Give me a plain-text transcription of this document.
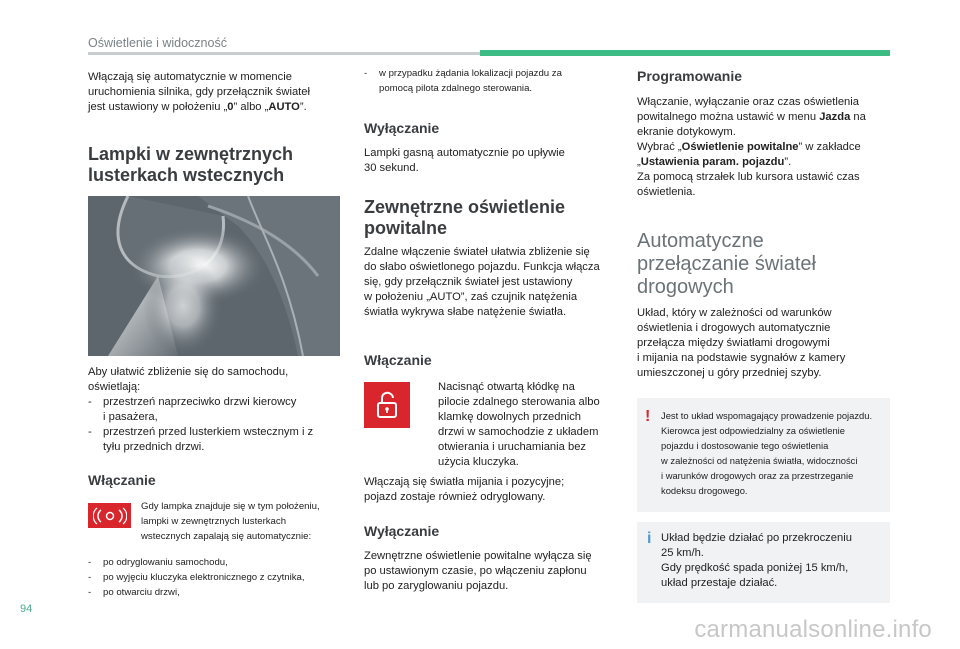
Oświetlenie i widoczność
Włączają się automatycznie w momencie
uruchomienia silnika, gdy przełącznik świateł
jest ustawiony w położeniu „0” albo „AUTO”.
Lampki w zewnętrznych
lusterkach wstecznych
Aby ułatwić zbliżenie się do samochodu,
oświetlają:
- przestrzeń naprzeciwko drzwi kierowcy
i pasażera,
- przestrzeń przed lusterkiem wstecznym i z
tyłu przednich drzwi.
Włączanie
Gdy lampka znajduje się w tym położeniu,
lampki w zewnętrznych lusterkach
wstecznych zapalają się automatycznie:
- po odryglowaniu samochodu,
- po wyjęciu kluczyka elektronicznego z czytnika,
- po otwarciu drzwi,
- w przypadku żądania lokalizacji pojazdu za
pomocą pilota zdalnego sterowania.
Wyłączanie
Lampki gasną automatycznie po upływie
30 sekund.
Zewnętrzne oświetlenie
powitalne
Zdalne włączenie świateł ułatwia zbliżenie się
do słabo oświetlonego pojazdu. Funkcja włącza
się, gdy przełącznik świateł jest ustawiony
w położeniu „AUTO”, zaś czujnik natężenia
światła wykrywa słabe natężenie światła.
Włączanie
Nacisnąć otwartą kłódkę na
pilocie zdalnego sterowania albo
klamkę dowolnych przednich
drzwi w samochodzie z układem
otwierania i uruchamiania bez
użycia kluczyka.
Włączają się światła mijania i pozycyjne;
pojazd zostaje również odryglowany.
Wyłączanie
Zewnętrzne oświetlenie powitalne wyłącza się
po ustawionym czasie, po włączeniu zapłonu
lub po zaryglowaniu pojazdu.
Programowanie
Włączanie, wyłączanie oraz czas oświetlenia
powitalnego można ustawić w menu Jazda na
ekranie dotykowym.
Wybrać „Oświetlenie powitalne” w zakładce
„Ustawienia param. pojazdu”.
Za pomocą strzałek lub kursora ustawić czas
oświetlenia.
Automatyczne
przełączanie świateł
drogowych
Układ, który w zależności od warunków
oświetlenia i drogowych automatycznie
przełącza między światłami drogowymi
i mijania na podstawie sygnałów z kamery
umieszczonej u góry przedniej szyby.
! Jest to układ wspomagający prowadzenie pojazdu.
Kierowca jest odpowiedzialny za oświetlenie
pojazdu i dostosowanie tego oświetlenia
w zależności od natężenia światła, widoczności
i warunków drogowych oraz za przestrzeganie
kodeksu drogowego.
i Układ będzie działać po przekroczeniu
25 km/h.
Gdy prędkość spada poniżej 15 km/h,
układ przestaje działać.
94
carmanualsonline.info
